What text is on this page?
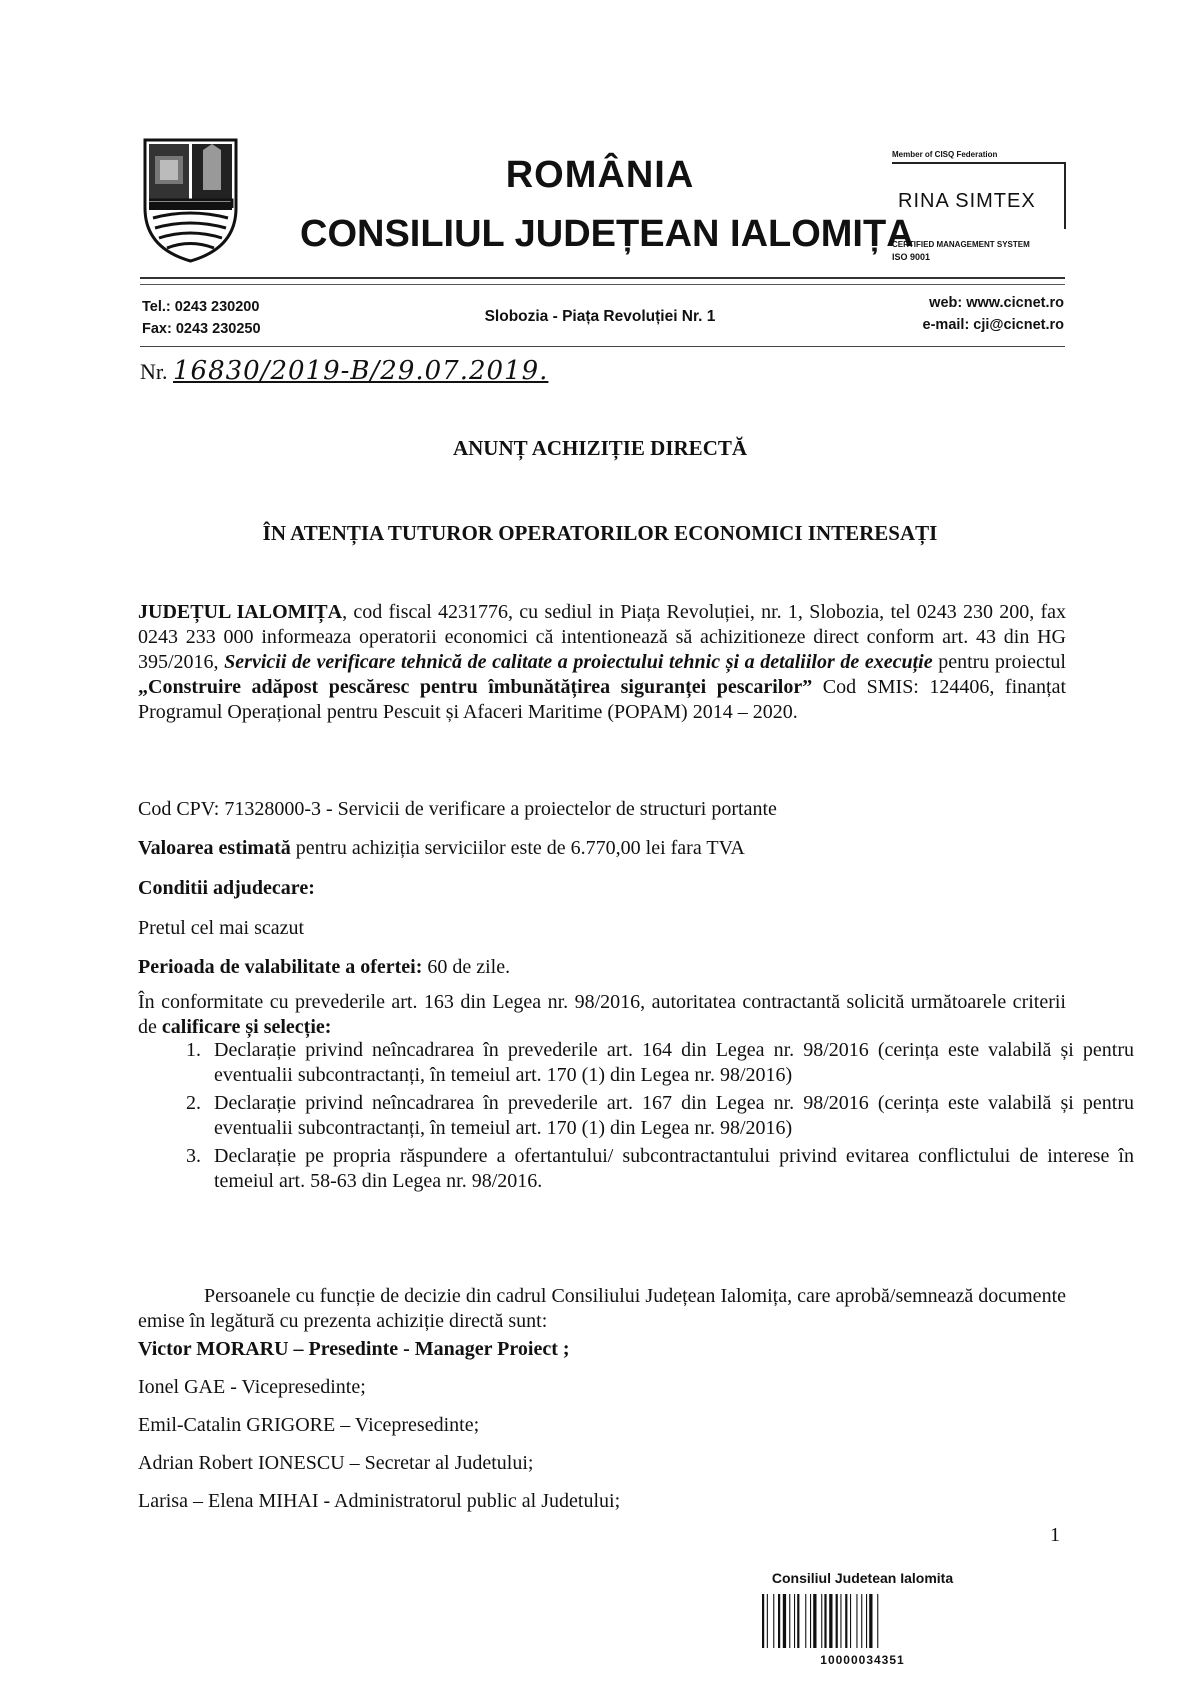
ROMÂNIA
CONSILIUL JUDEȚEAN IALOMIȚA
Member of CISQ Federation
RINA SIMTEX
CERTIFIED MANAGEMENT SYSTEM
ISO 9001
Tel.: 0243 230200
Fax: 0243 230250
Slobozia - Piața Revoluției Nr. 1
web: www.cicnet.ro
e-mail: cji@cicnet.ro
Nr. 16830/2019-B/29.07.2019.
ANUNȚ ACHIZIȚIE DIRECTĂ
ÎN ATENȚIA TUTUROR OPERATORILOR ECONOMICI INTERESAȚI
JUDEȚUL IALOMIȚA, cod fiscal 4231776, cu sediul in Piața Revoluției, nr. 1, Slobozia, tel 0243 230 200, fax 0243 233 000 informeaza operatorii economici că intentionează să achizitioneze direct conform art. 43 din HG 395/2016, Servicii de verificare tehnică de calitate a proiectului tehnic și a detaliilor de execuție pentru proiectul „Construire adăpost pescăresc pentru îmbunătățirea siguranței pescarilor” Cod SMIS: 124406, finanțat Programul Operațional pentru Pescuit și Afaceri Maritime (POPAM) 2014 – 2020.
Cod CPV: 71328000-3 - Servicii de verificare a proiectelor de structuri portante
Valoarea estimată pentru achiziția serviciilor este de 6.770,00 lei fara TVA
Conditii adjudecare:
Pretul cel mai scazut
Perioada de valabilitate a ofertei: 60 de zile.
În conformitate cu prevederile art. 163 din Legea nr. 98/2016, autoritatea contractantă solicită următoarele criterii de calificare și selecție:
1. Declarație privind neîncadrarea în prevederile art. 164 din Legea nr. 98/2016 (cerința este valabilă și pentru eventualii subcontractanți, în temeiul art. 170 (1) din Legea nr. 98/2016)
2. Declarație privind neîncadrarea în prevederile art. 167 din Legea nr. 98/2016 (cerința este valabilă și pentru eventualii subcontractanți, în temeiul art. 170 (1) din Legea nr. 98/2016)
3. Declarație pe propria răspundere a ofertantului/ subcontractantului privind evitarea conflictului de interese în temeiul art. 58-63 din Legea nr. 98/2016.
Persoanele cu funcție de decizie din cadrul Consiliului Județean Ialomița, care aprobă/semnează documente emise în legătură cu prezenta achiziție directă sunt:
Victor MORARU – Presedinte - Manager Proiect ;
Ionel GAE - Vicepresedinte;
Emil-Catalin GRIGORE – Vicepresedinte;
Adrian Robert IONESCU – Secretar al Judetului;
Larisa – Elena MIHAI - Administratorul public al Judetului;
1
Consiliul Judetean Ialomita
10000034351
